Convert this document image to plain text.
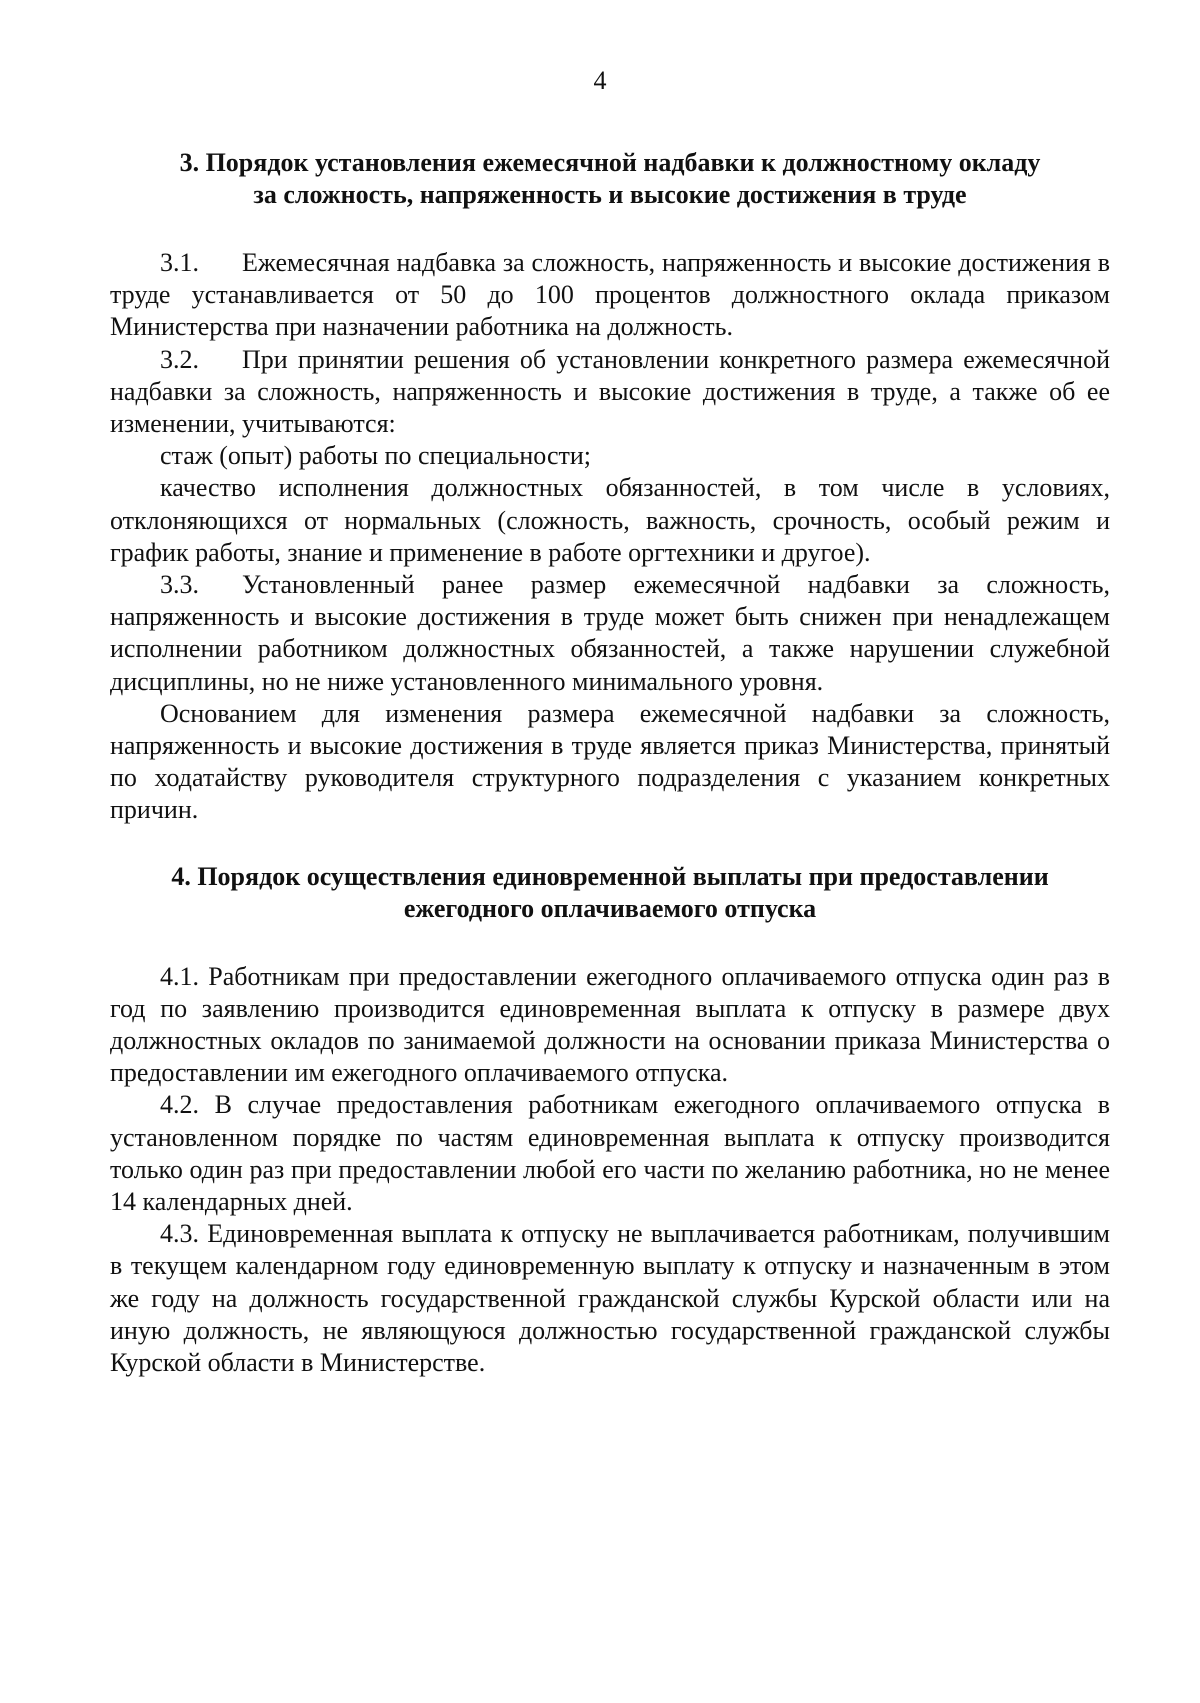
4
3. Порядок установления ежемесячной надбавки к должностному окладу
за сложность, напряженность и высокие достижения в труде

3.1. Ежемесячная надбавка за сложность, напряженность и высокие достижения в труде устанавливается от 50 до 100 процентов должностного оклада приказом Министерства при назначении работника на должность.

3.2. При принятии решения об установлении конкретного размера ежемесячной надбавки за сложность, напряженность и высокие достижения в труде, а также об ее изменении, учитываются:

стаж (опыт) работы по специальности;

качество исполнения должностных обязанностей, в том числе в условиях, отклоняющихся от нормальных (сложность, важность, срочность, особый режим и график работы, знание и применение в работе оргтехники и другое).

3.3. Установленный ранее размер ежемесячной надбавки за сложность, напряженность и высокие достижения в труде может быть снижен при ненадлежащем исполнении работником должностных обязанностей, а также нарушении служебной дисциплины, но не ниже установленного минимального уровня.

Основанием для изменения размера ежемесячной надбавки за сложность, напряженность и высокие достижения в труде является приказ Министерства, принятый по ходатайству руководителя структурного подразделения с указанием конкретных причин.

4. Порядок осуществления единовременной выплаты при предоставлении
ежегодного оплачиваемого отпуска

4.1. Работникам при предоставлении ежегодного оплачиваемого отпуска один раз в год по заявлению производится единовременная выплата к отпуску в размере двух должностных окладов по занимаемой должности на основании приказа Министерства о предоставлении им ежегодного оплачиваемого отпуска.

4.2. В случае предоставления работникам ежегодного оплачиваемого отпуска в установленном порядке по частям единовременная выплата к отпуску производится только один раз при предоставлении любой его части по желанию работника, но не менее 14 календарных дней.

4.3. Единовременная выплата к отпуску не выплачивается работникам, получившим в текущем календарном году единовременную выплату к отпуску и назначенным в этом же году на должность государственной гражданской службы Курской области или на иную должность, не являющуюся должностью государственной гражданской службы Курской области в Министерстве.
